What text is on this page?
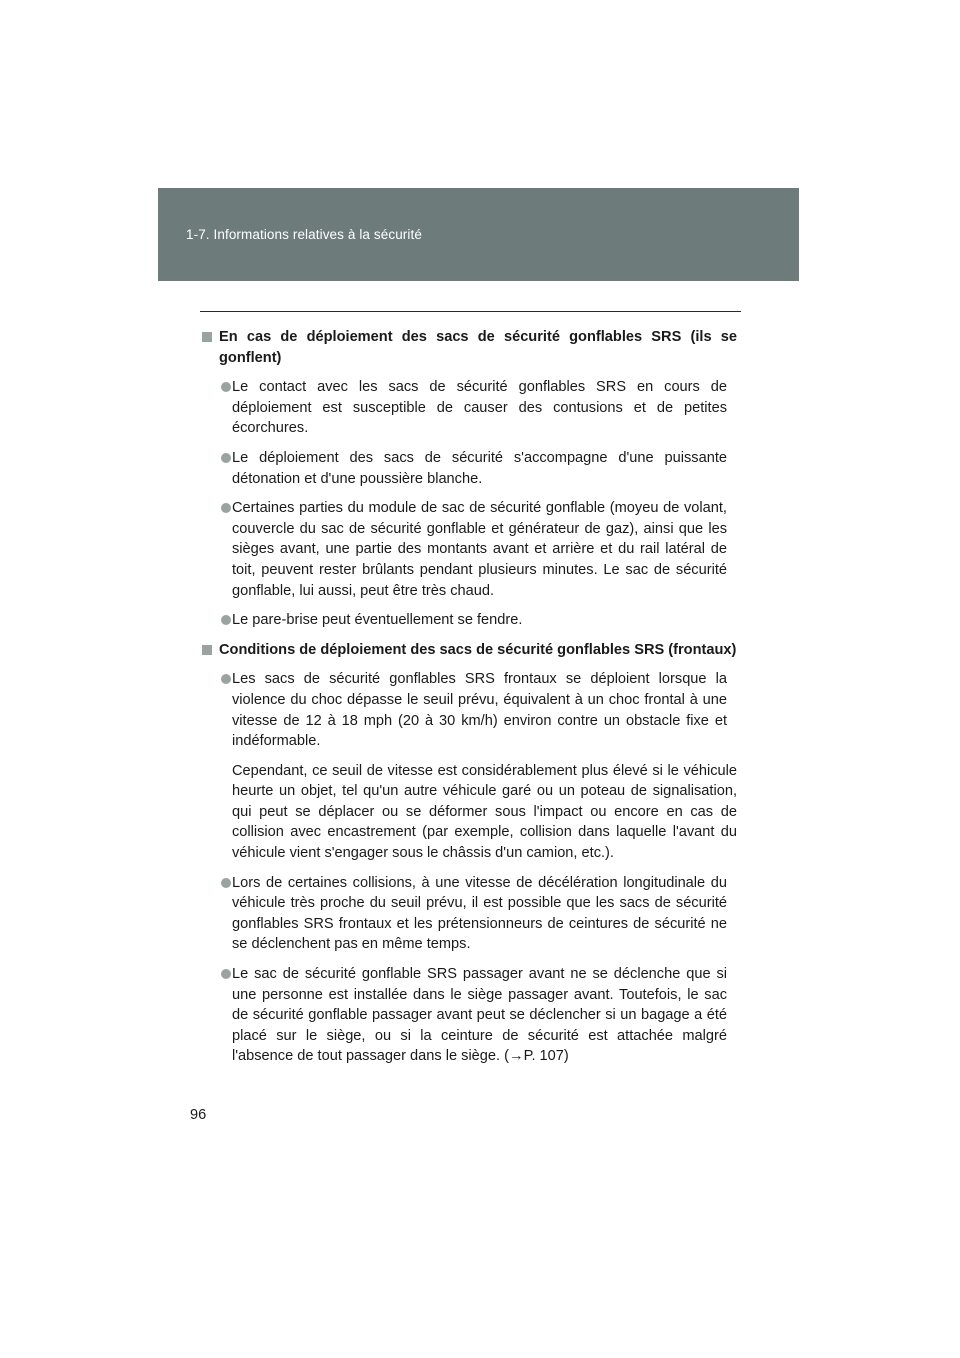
1-7. Informations relatives à la sécurité
En cas de déploiement des sacs de sécurité gonflables SRS (ils se gonflent)
Le contact avec les sacs de sécurité gonflables SRS en cours de déploiement est susceptible de causer des contusions et de petites écorchures.
Le déploiement des sacs de sécurité s'accompagne d'une puissante détonation et d'une poussière blanche.
Certaines parties du module de sac de sécurité gonflable (moyeu de volant, couvercle du sac de sécurité gonflable et générateur de gaz), ainsi que les sièges avant, une partie des montants avant et arrière et du rail latéral de toit, peuvent rester brûlants pendant plusieurs minutes. Le sac de sécurité gonflable, lui aussi, peut être très chaud.
Le pare-brise peut éventuellement se fendre.
Conditions de déploiement des sacs de sécurité gonflables SRS (frontaux)
Les sacs de sécurité gonflables SRS frontaux se déploient lorsque la violence du choc dépasse le seuil prévu, équivalent à un choc frontal à une vitesse de 12 à 18 mph (20 à 30 km/h) environ contre un obstacle fixe et indéformable.
Cependant, ce seuil de vitesse est considérablement plus élevé si le véhicule heurte un objet, tel qu'un autre véhicule garé ou un poteau de signalisation, qui peut se déplacer ou se déformer sous l'impact ou encore en cas de collision avec encastrement (par exemple, collision dans laquelle l'avant du véhicule vient s'engager sous le châssis d'un camion, etc.).
Lors de certaines collisions, à une vitesse de décélération longitudinale du véhicule très proche du seuil prévu, il est possible que les sacs de sécurité gonflables SRS frontaux et les prétensionneurs de ceintures de sécurité ne se déclenchent pas en même temps.
Le sac de sécurité gonflable SRS passager avant ne se déclenche que si une personne est installée dans le siège passager avant. Toutefois, le sac de sécurité gonflable passager avant peut se déclencher si un bagage a été placé sur le siège, ou si la ceinture de sécurité est attachée malgré l'absence de tout passager dans le siège. (→P. 107)
96
